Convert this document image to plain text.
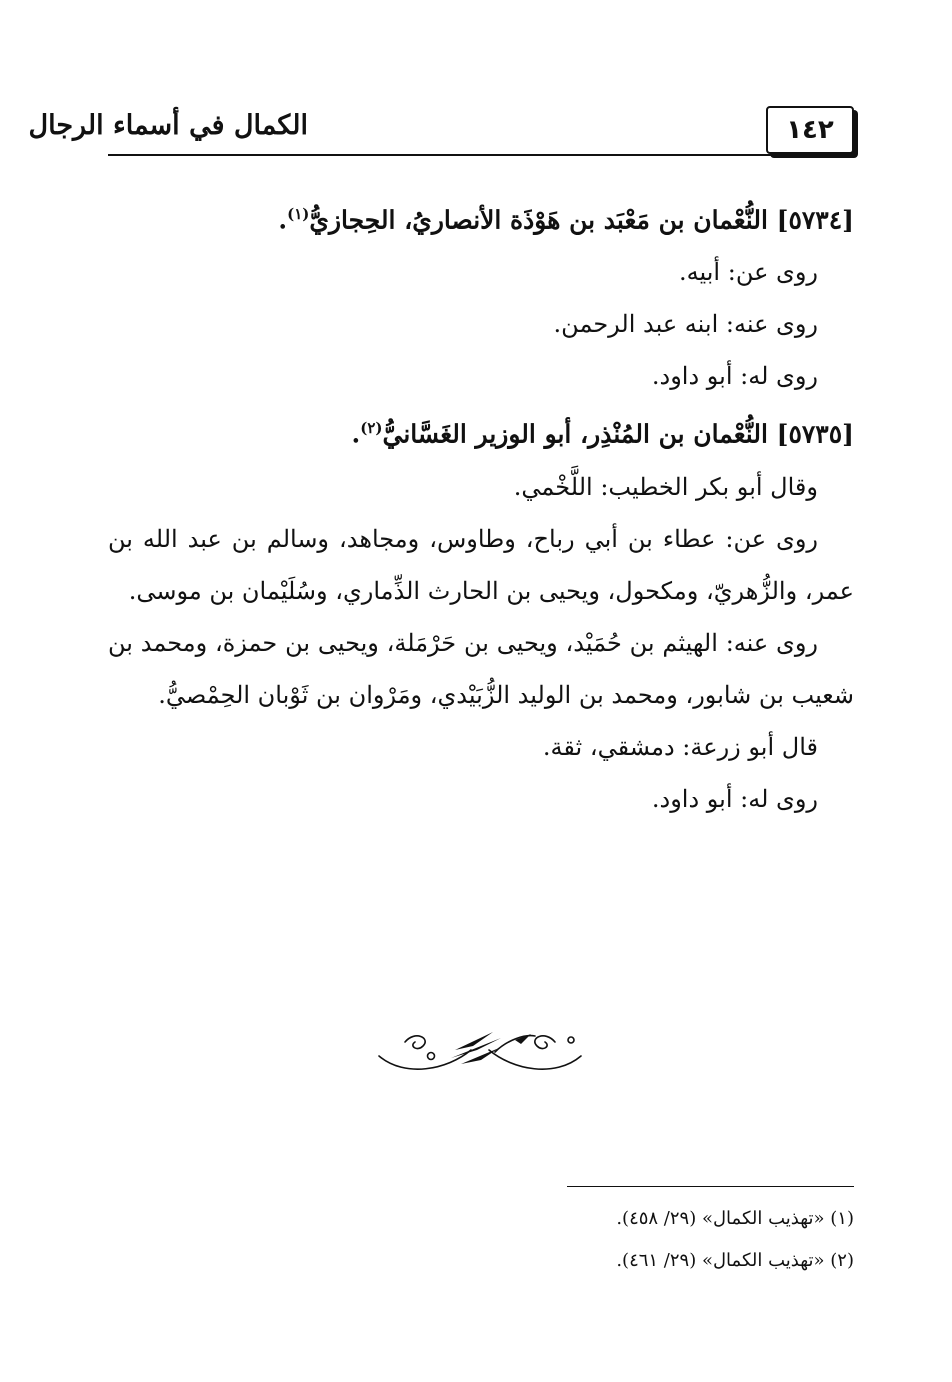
١٤٢
الكمال في أسماء الرجال

[٥٧٣٤] النُّعْمان بن مَعْبَد بن هَوْذَة الأنصاريُ، الحِجازيُّ$^{(١)}$.

روى عن: أبيه.

روى عنه: ابنه عبد الرحمن.

روى له: أبو داود.

[٥٧٣٥] النُّعْمان بن المُنْذِر، أبو الوزير الغَسَّانيُّ$^{(٢)}$.

وقال أبو بكر الخطيب: اللَّخْمي.

روى عن: عطاء بن أبي رباح، وطاوس، ومجاهد، وسالم بن عبد الله بن عمر، والزُّهريّ، ومكحول، ويحيى بن الحارث الذِّماري، وسُلَيْمان بن موسى.

روى عنه: الهيثم بن حُمَيْد، ويحيى بن حَرْمَلة، ويحيى بن حمزة، ومحمد بن شعيب بن شابور، ومحمد بن الوليد الزُّبَيْدي، ومَرْوان بن ثَوْبان الحِمْصيُّ.

قال أبو زرعة: دمشقي، ثقة.

روى له: أبو داود.

(١) «تهذيب الكمال» (٢٩/ ٤٥٨).

(٢) «تهذيب الكمال» (٢٩/ ٤٦١).
